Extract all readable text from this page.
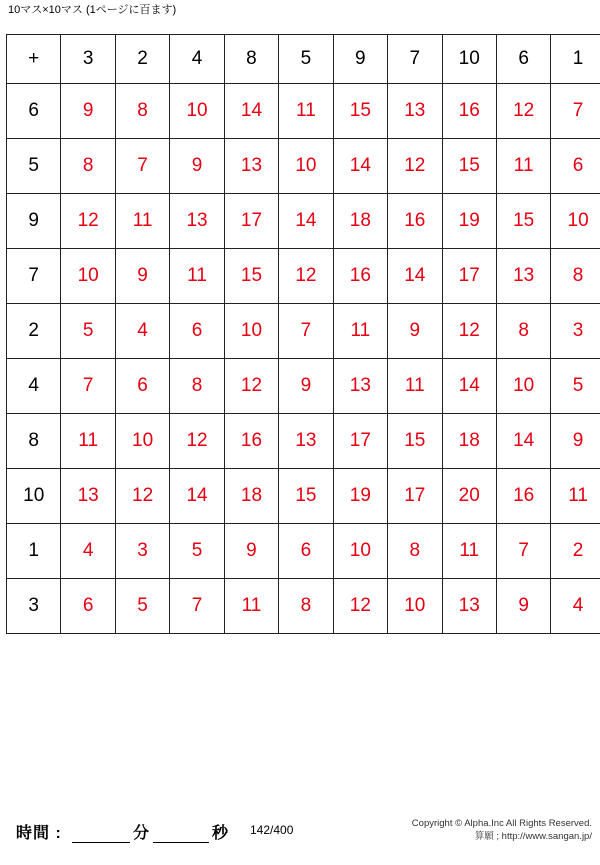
10マス×10マス (1ページに百ます)
+	3	2	4	8	5	9	7	10	6	1
6	9	8	10	14	11	15	13	16	12	7
5	8	7	9	13	10	14	12	15	11	6
9	12	11	13	17	14	18	16	19	15	10
7	10	9	11	15	12	16	14	17	13	8
2	5	4	6	10	7	11	9	12	8	3
4	7	6	8	12	9	13	11	14	10	5
8	11	10	12	16	13	17	15	18	14	9
10	13	12	14	18	15	19	17	20	16	11
1	4	3	5	9	6	10	8	11	7	2
3	6	5	7	11	8	12	10	13	9	4
時間 :	分	秒 142/400	Copyright © Alpha.Inc All Rights Reserved.
算願 ; http://www.sangan.jp/
